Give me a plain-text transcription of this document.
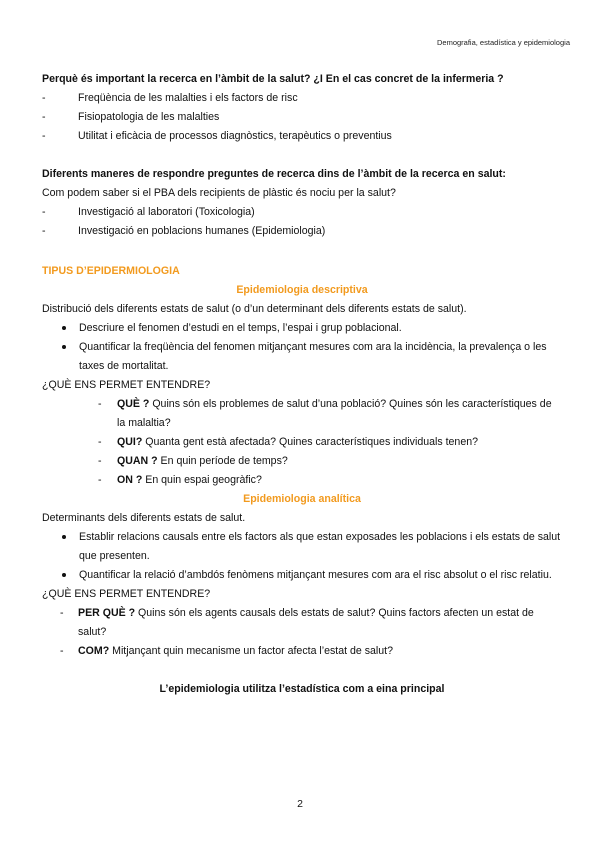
Demografia, estadística y epidemiologia

Perquè és important la recerca en l’àmbit de la salut? ¿I En el cas concret de la infermeria ?

- Freqüència de les malalties i els factors de risc
- Fisiopatologia de les malalties
- Utilitat i eficàcia de processos diagnòstics, terapèutics o preventius

Diferents maneres de respondre preguntes de recerca dins de l’àmbit de la recerca en salut:

Com podem saber si el PBA dels recipients de plàstic és nociu per la salut?

- Investigació al laboratori (Toxicologia)
- Investigació en poblacions humanes (Epidemiologia)
TIPUS D’EPIDERMIOLOGIA
Epidemiologia descriptiva

Distribució dels diferents estats de salut (o d’un determinant dels diferents estats de salut).

Descriure el fenomen d’estudi en el temps, l’espai i grup poblacional.
Quantificar la freqüència del fenomen mitjançant mesures com ara la incidència, la prevalença o les taxes de mortalitat.

¿QUÈ ENS PERMET ENTENDRE?

- QUÈ ? Quins són els problemes de salut d’una població? Quines són les característiques de la malaltia?
- QUI? Quanta gent està afectada? Quines característiques individuals tenen?
- QUAN ? En quin període de temps?
- ON ? En quin espai geogràfic?
Epidemiologia analítica

Determinants dels diferents estats de salut.

Establir relacions causals entre els factors als que estan exposades les poblacions i els estats de salut que presenten.
Quantificar la relació d’ambdós fenòmens mitjançant mesures com ara el risc absolut o el risc relatiu.

¿QUÈ ENS PERMET ENTENDRE?

- PER QUÈ ? Quins són els agents causals dels estats de salut? Quins factors afecten un estat de salut?
- COM? Mitjançant quin mecanisme un factor afecta l’estat de salut?

L’epidemiologia utilitza l’estadística com a eina principal

2
